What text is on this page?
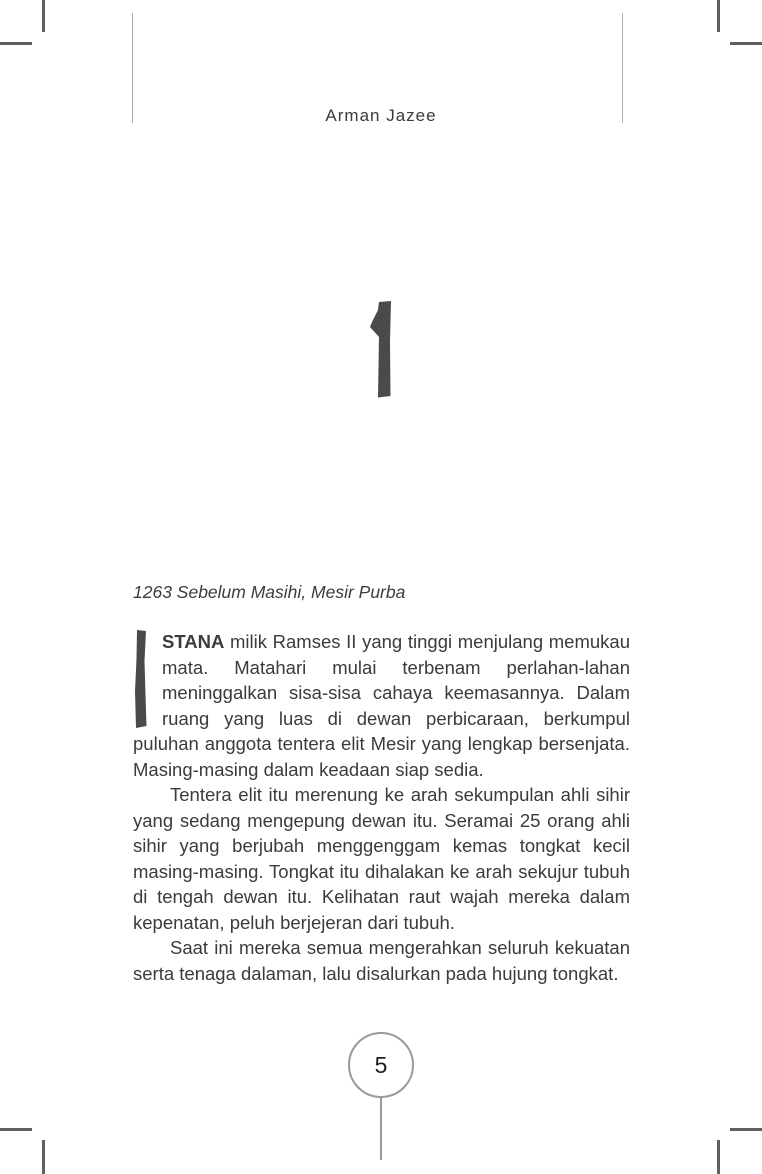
Arman Jazee
1263 Sebelum Masihi, Mesir Purba

STANA milik Ramses II yang tinggi menjulang memukau mata. Matahari mulai terbenam perlahan-lahan meninggalkan sisa-sisa cahaya keemasannya. Dalam ruang yang luas di dewan perbicaraan, berkumpul puluhan anggota tentera elit Mesir yang lengkap bersenjata. Masing-masing dalam keadaan siap sedia.

Tentera elit itu merenung ke arah sekumpulan ahli sihir yang sedang mengepung dewan itu. Seramai 25 orang ahli sihir yang berjubah menggenggam kemas tongkat kecil masing-masing. Tongkat itu dihalakan ke arah sekujur tubuh di tengah dewan itu. Kelihatan raut wajah mereka dalam kepenatan, peluh berjejeran dari tubuh.

Saat ini mereka semua mengerahkan seluruh kekuatan serta tenaga dalaman, lalu disalurkan pada hujung tongkat.

5
